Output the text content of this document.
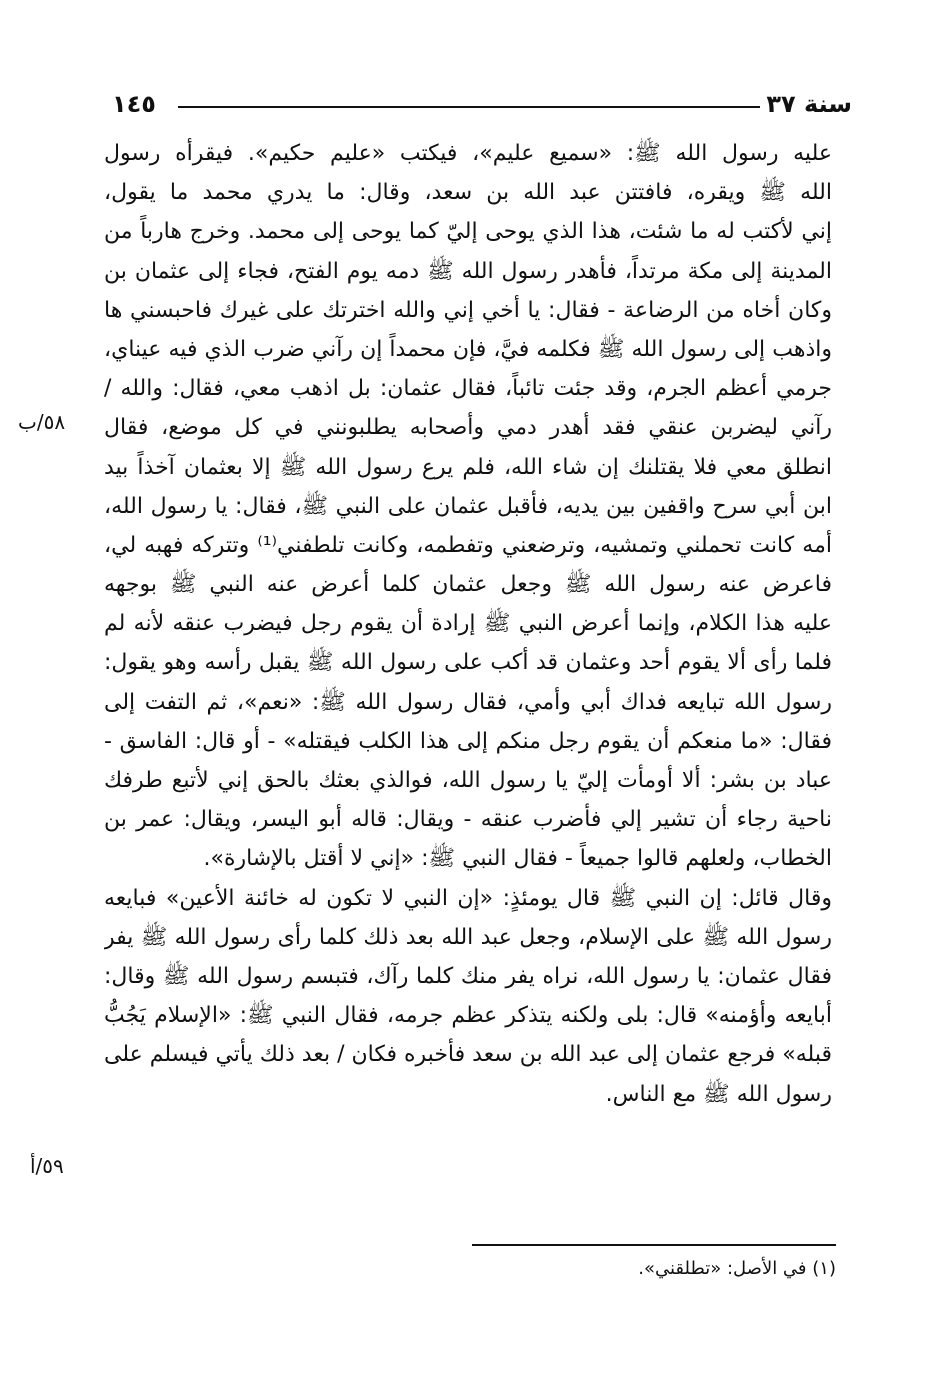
سنة ٣٧
١٤٥
عليه رسول الله ﷺ: «سميع عليم»، فيكتب «عليم حكيم». فيقرأه رسول
الله ﷺ ويقره، فافتتن عبد الله بن سعد، وقال: ما يدري محمد ما يقول،
إني لأكتب له ما شئت، هذا الذي يوحى إليّ كما يوحى إلى محمد. وخرج هارباً من
المدينة إلى مكة مرتداً، فأهدر رسول الله ﷺ دمه يوم الفتح، فجاء إلى عثمان بن
وكان أخاه من الرضاعة - فقال: يا أخي إني والله اخترتك على غيرك فاحبسني ها
واذهب إلى رسول الله ﷺ فكلمه فيَّ، فإن محمداً إن رآني ضرب الذي فيه عيناي،
جرمي أعظم الجرم، وقد جئت تائباً، فقال عثمان: بل اذهب معي، فقال: والله /
رآني ليضربن عنقي فقد أهدر دمي وأصحابه يطلبونني في كل موضع، فقال
انطلق معي فلا يقتلنك إن شاء الله، فلم يرع رسول الله ﷺ إلا بعثمان آخذاً بيد
ابن أبي سرح واقفين بين يديه، فأقبل عثمان على النبي ﷺ، فقال: يا رسول الله،
أمه كانت تحملني وتمشيه، وترضعني وتفطمه، وكانت تلطفني⁽¹⁾ وتتركه فهبه لي،
فاعرض عنه رسول الله ﷺ وجعل عثمان كلما أعرض عنه النبي ﷺ بوجهه
عليه هذا الكلام، وإنما أعرض النبي ﷺ إرادة أن يقوم رجل فيضرب عنقه لأنه لم
فلما رأى ألا يقوم أحد وعثمان قد أكب على رسول الله ﷺ يقبل رأسه وهو يقول:
رسول الله تبايعه فداك أبي وأمي، فقال رسول الله ﷺ: «نعم»، ثم التفت إلى
فقال: «ما منعكم أن يقوم رجل منكم إلى هذا الكلب فيقتله» - أو قال: الفاسق -
عباد بن بشر: ألا أومأت إليّ يا رسول الله، فوالذي بعثك بالحق إني لأتبع طرفك
ناحية رجاء أن تشير إلي فأضرب عنقه - ويقال: قاله أبو اليسر، ويقال: عمر بن
الخطاب، ولعلهم قالوا جميعاً - فقال النبي ﷺ: «إني لا أقتل بالإشارة».
وقال قائل: إن النبي ﷺ قال يومئذٍ: «إن النبي لا تكون له خائنة الأعين» فبايعه
رسول الله ﷺ على الإسلام، وجعل عبد الله بعد ذلك كلما رأى رسول الله ﷺ يفر
فقال عثمان: يا رسول الله، نراه يفر منك كلما رآك، فتبسم رسول الله ﷺ وقال:
أبايعه وأؤمنه» قال: بلى ولكنه يتذكر عظم جرمه، فقال النبي ﷺ: «الإسلام يَجُبُّ
قبله» فرجع عثمان إلى عبد الله بن سعد فأخبره فكان / بعد ذلك يأتي فيسلم على
رسول الله ﷺ مع الناس.
٥٨/ب
٥٩/أ
(١) في الأصل: «تطلقني».
